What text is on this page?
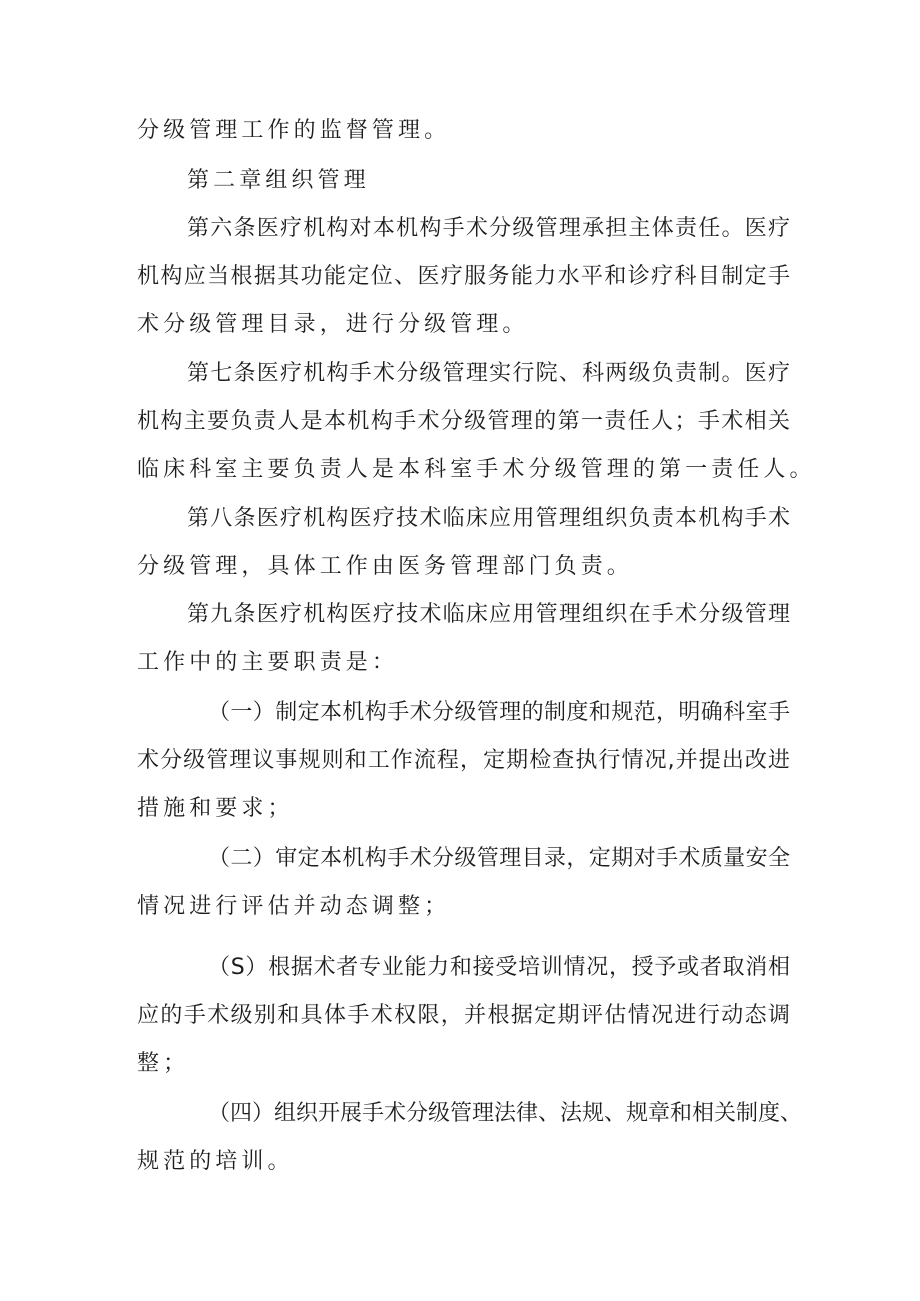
分级管理工作的监督管理。

第二章组织管理

第六条医疗机构对本机构手术分级管理承担主体责任。医疗

机构应当根据其功能定位、医疗服务能力水平和诊疗科目制定手

术分级管理目录，进行分级管理。

第七条医疗机构手术分级管理实行院、科两级负责制。医疗

机构主要负责人是本机构手术分级管理的第一责任人；手术相关

临床科室主要负责人是本科室手术分级管理的第一责任人。

第八条医疗机构医疗技术临床应用管理组织负责本机构手术

分级管理，具体工作由医务管理部门负责。

第九条医疗机构医疗技术临床应用管理组织在手术分级管理

工作中的主要职责是：

（一）制定本机构手术分级管理的制度和规范，明确科室手

术分级管理议事规则和工作流程，定期检查执行情况,并提出改进

措施和要求；

（二）审定本机构手术分级管理目录，定期对手术质量安全

情况进行评估并动态调整；

（S）根据术者专业能力和接受培训情况，授予或者取消相

应的手术级别和具体手术权限，并根据定期评估情况进行动态调

整；

（四）组织开展手术分级管理法律、法规、规章和相关制度、

规范的培训。
